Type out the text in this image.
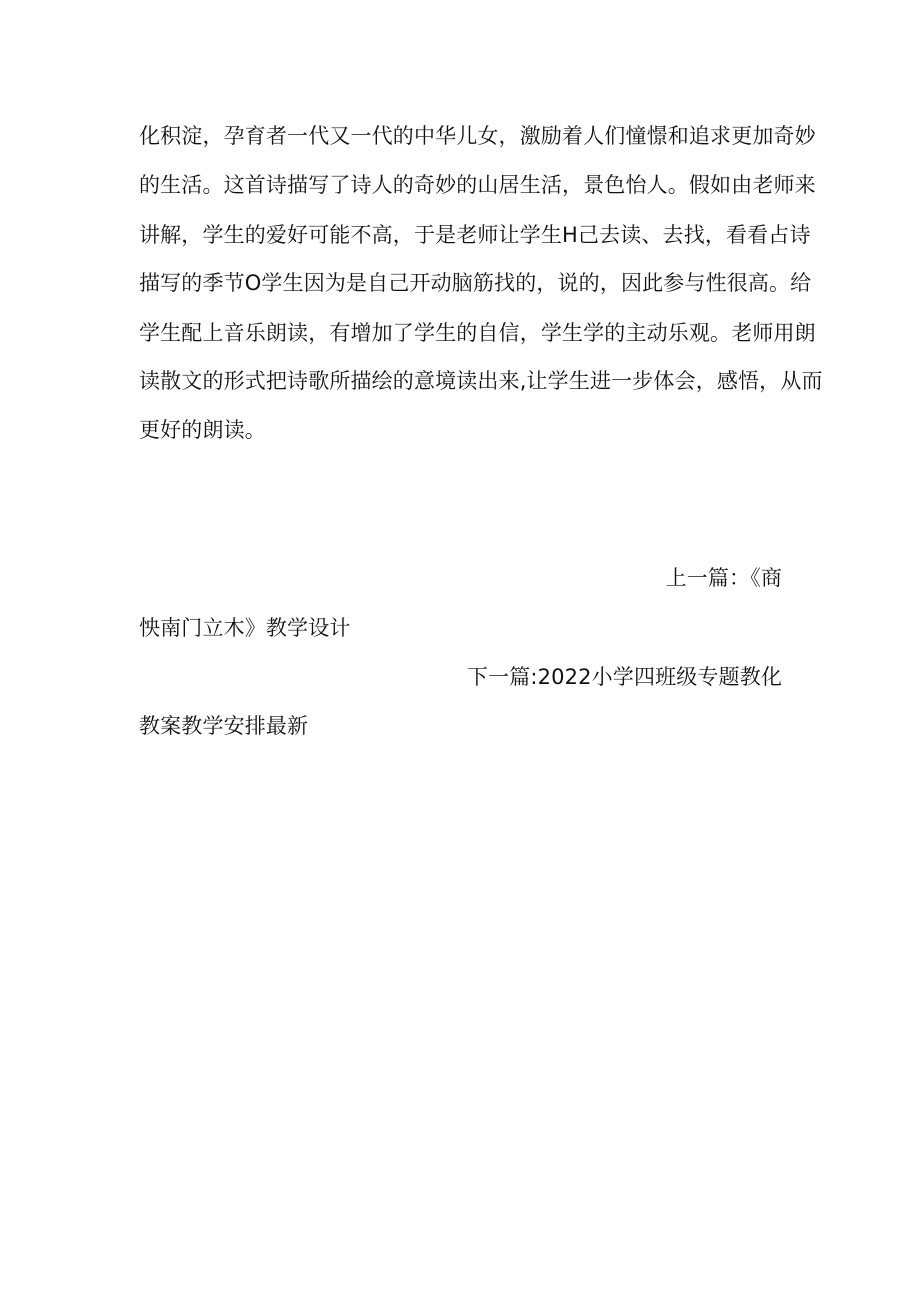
化积淀，孕育者一代又一代的中华儿女，激励着人们憧憬和追求更加奇妙
的生活。这首诗描写了诗人的奇妙的山居生活，景色怡人。假如由老师来
讲解，学生的爱好可能不高，于是老师让学生H己去读、去找，看看占诗
描写的季节O学生因为是自己开动脑筋找的，说的，因此参与性很高。给
学生配上音乐朗读，有增加了学生的自信，学生学的主动乐观。老师用朗
读散文的形式把诗歌所描绘的意境读出来,让学生进一步体会，感悟，从而
更好的朗读。
上一篇：《商
怏南门立木》教学设计
下一篇:2022小学四班级专题教化
教案教学安排最新
